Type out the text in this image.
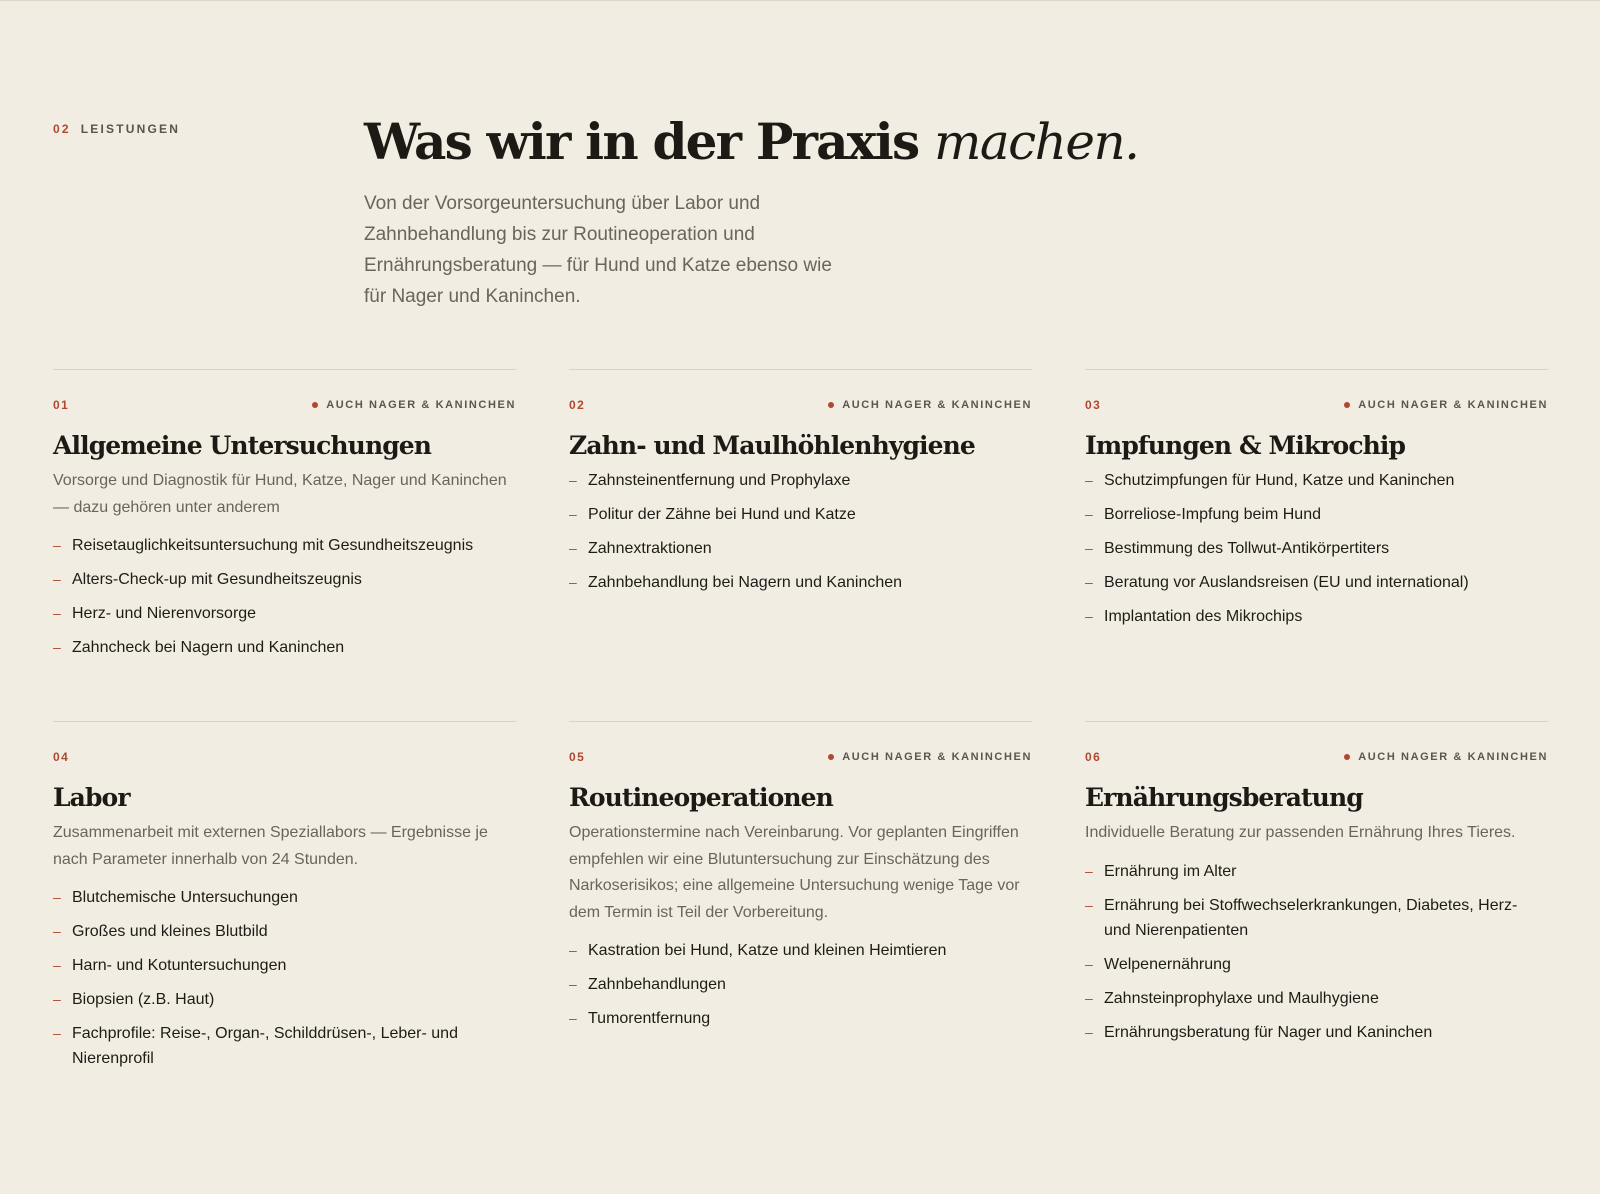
02 LEISTUNGEN	Was wir in der Praxis machen.

Von der Vorsorgeuntersuchung über Labor und Zahnbehandlung bis zur Routineoperation und Ernährungsberatung — für Hund und Katze ebenso wie für Nager und Kaninchen.

01	AUCH NAGER & KANINCHEN
Allgemeine Untersuchungen

Vorsorge und Diagnostik für Hund, Katze, Nager und Kaninchen — dazu gehören unter anderem

– Reisetauglichkeitsuntersuchung mit Gesundheitszeugnis
– Alters-Check-up mit Gesundheitszeugnis
– Herz- und Nierenvorsorge
– Zahncheck bei Nagern und Kaninchen
02	AUCH NAGER & KANINCHEN
Zahn- und Maulhöhlenhygiene
– Zahnsteinentfernung und Prophylaxe
– Politur der Zähne bei Hund und Katze
– Zahnextraktionen
– Zahnbehandlung bei Nagern und Kaninchen
03	AUCH NAGER & KANINCHEN
Impfungen & Mikrochip
– Schutzimpfungen für Hund, Katze und Kaninchen
– Borreliose-Impfung beim Hund
– Bestimmung des Tollwut-Antikörpertiters
– Beratung vor Auslandsreisen (EU und international)
– Implantation des Mikrochips
04
Labor

Zusammenarbeit mit externen Speziallabors — Ergebnisse je nach Parameter innerhalb von 24 Stunden.

– Blutchemische Untersuchungen
– Großes und kleines Blutbild
– Harn- und Kotuntersuchungen
– Biopsien (z.B. Haut)
– Fachprofile: Reise-, Organ-, Schilddrüsen-, Leber- und Nierenprofil
05	AUCH NAGER & KANINCHEN
Routineoperationen

Operationstermine nach Vereinbarung. Vor geplanten Eingriffen empfehlen wir eine Blutuntersuchung zur Einschätzung des Narkoserisikos; eine allgemeine Untersuchung wenige Tage vor dem Termin ist Teil der Vorbereitung.

– Kastration bei Hund, Katze und kleinen Heimtieren
– Zahnbehandlungen
– Tumorentfernung
06	AUCH NAGER & KANINCHEN
Ernährungsberatung

Individuelle Beratung zur passenden Ernährung Ihres Tieres.

– Ernährung im Alter
– Ernährung bei Stoffwechselerkrankungen, Diabetes, Herz- und Nierenpatienten
– Welpenernährung
– Zahnsteinprophylaxe und Maulhygiene
– Ernährungsberatung für Nager und Kaninchen
